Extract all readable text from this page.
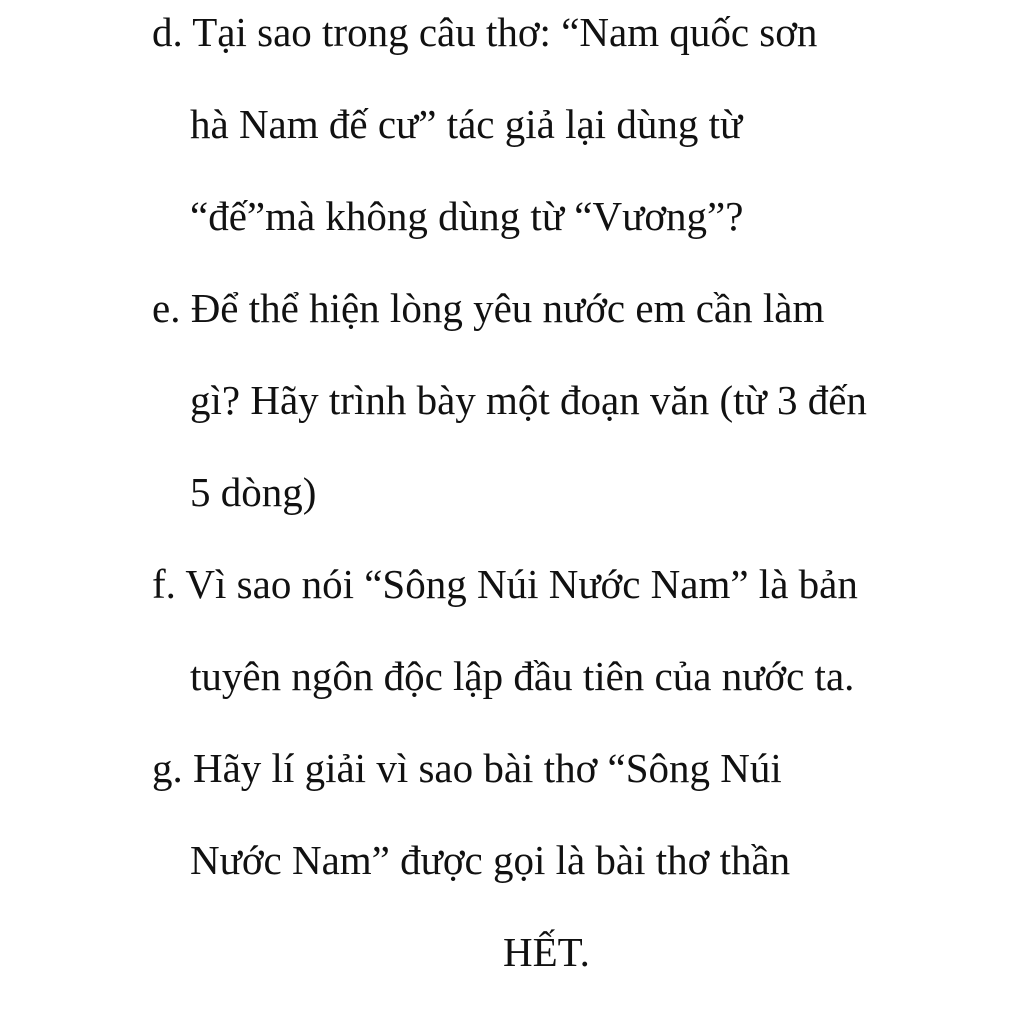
d. Tại sao trong câu thơ: “Nam quốc sơn
hà Nam đế cư” tác giả lại dùng từ
“đế”mà không dùng từ “Vương”?
e. Để thể hiện lòng yêu nước em cần làm
gì? Hãy trình bày một đoạn văn (từ 3 đến
5 dòng)
f. Vì sao nói “Sông Núi Nước Nam” là bản
tuyên ngôn độc lập đầu tiên của nước ta.
g. Hãy lí giải vì sao bài thơ “Sông Núi
Nước Nam” được gọi là bài thơ thần
HẾT.
